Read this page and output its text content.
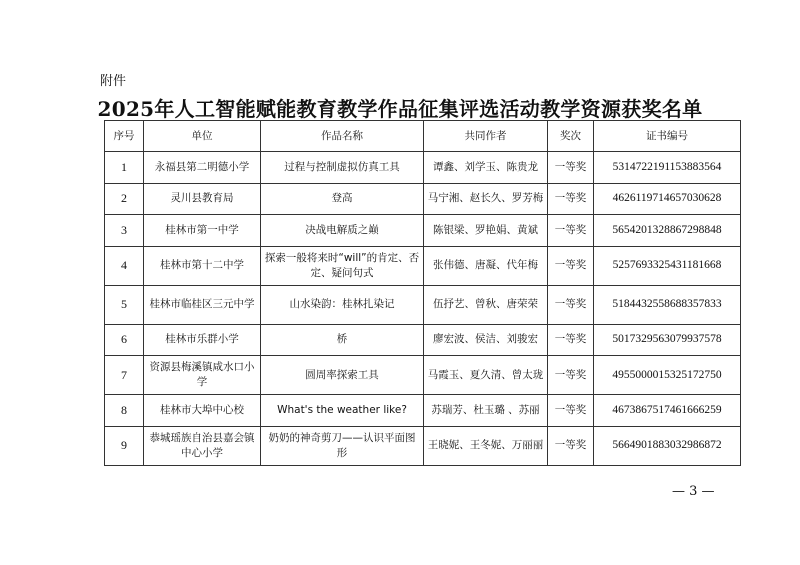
附件
2025年人工智能赋能教育教学作品征集评选活动教学资源获奖名单
序号	单位	作品名称	共同作者	奖次	证书编号
1	永福县第二明德小学	过程与控制虚拟仿真工具	谭鑫、刘学玉、陈贵龙	一等奖	5314722191153883564
2	灵川县教育局	登高	马宁湘、赵长久、罗芳梅	一等奖	4626119714657030628
3	桂林市第一中学	决战电解质之巅	陈银梁、罗艳娟、黄斌	一等奖	5654201328867298848
4	桂林市第十二中学	探索一般将来时“will”的肯定、否定、疑问句式	张伟德、唐凝、代年梅	一等奖	5257693325431181668
5	桂林市临桂区三元中学	山水染韵：桂林扎染记	伍抒艺、曾秋、唐荣荣	一等奖	5184432558688357833
6	桂林市乐群小学	桥	廖宏波、侯洁、刘骏宏	一等奖	5017329563079937578
7	资源县梅溪镇咸水口小学	圆周率探索工具	马霞玉、夏久清、曾太珑	一等奖	4955000015325172750
8	桂林市大埠中心校	What's the weather like?	苏瑞芳、杜玉璐 、苏丽	一等奖	4673867517461666259
9	恭城瑶族自治县嘉会镇中心小学	奶奶的神奇剪刀——认识平面图形	王晓妮、王冬妮、万丽丽	一等奖	5664901883032986872
— 3 —
